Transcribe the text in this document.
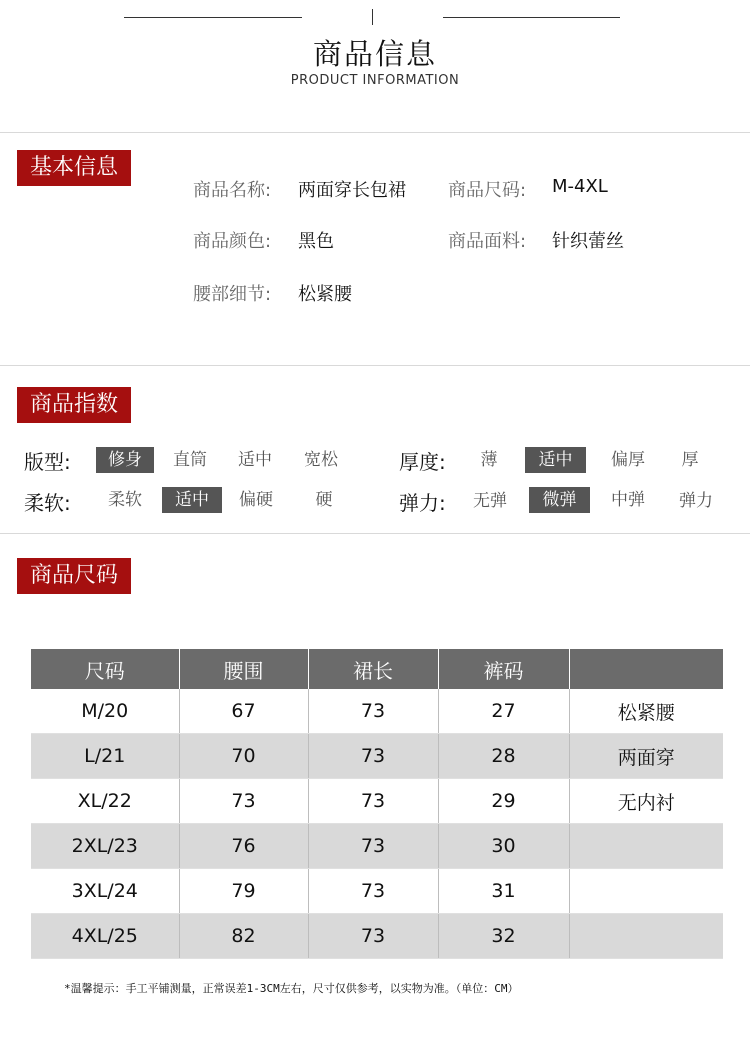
商品信息
PRODUCT INFORMATION
基本信息
商品名称: 两面穿长包裙 商品尺码: M-4XL
商品颜色: 黑色	商品面料: 针织蕾丝
腰部细节: 松紧腰
商品指数
版型:	修身	直筒	适中	宽松	厚度:	薄	适中	偏厚	厚
柔软:	柔软	适中	偏硬	硬	弹力:	无弹	微弹	中弹	弹力
商品尺码
尺码	腰围	裙长	裤码	
M/20	67	73	27	松紧腰
L/21	70	73	28	两面穿
XL/22	73	73	29	无内衬
2XL/23	76	73	30	
3XL/24	79	73	31	
4XL/25	82	73	32	
*温馨提示：手工平铺测量，正常误差1-3CM左右，尺寸仅供参考，以实物为准。（单位：CM）
